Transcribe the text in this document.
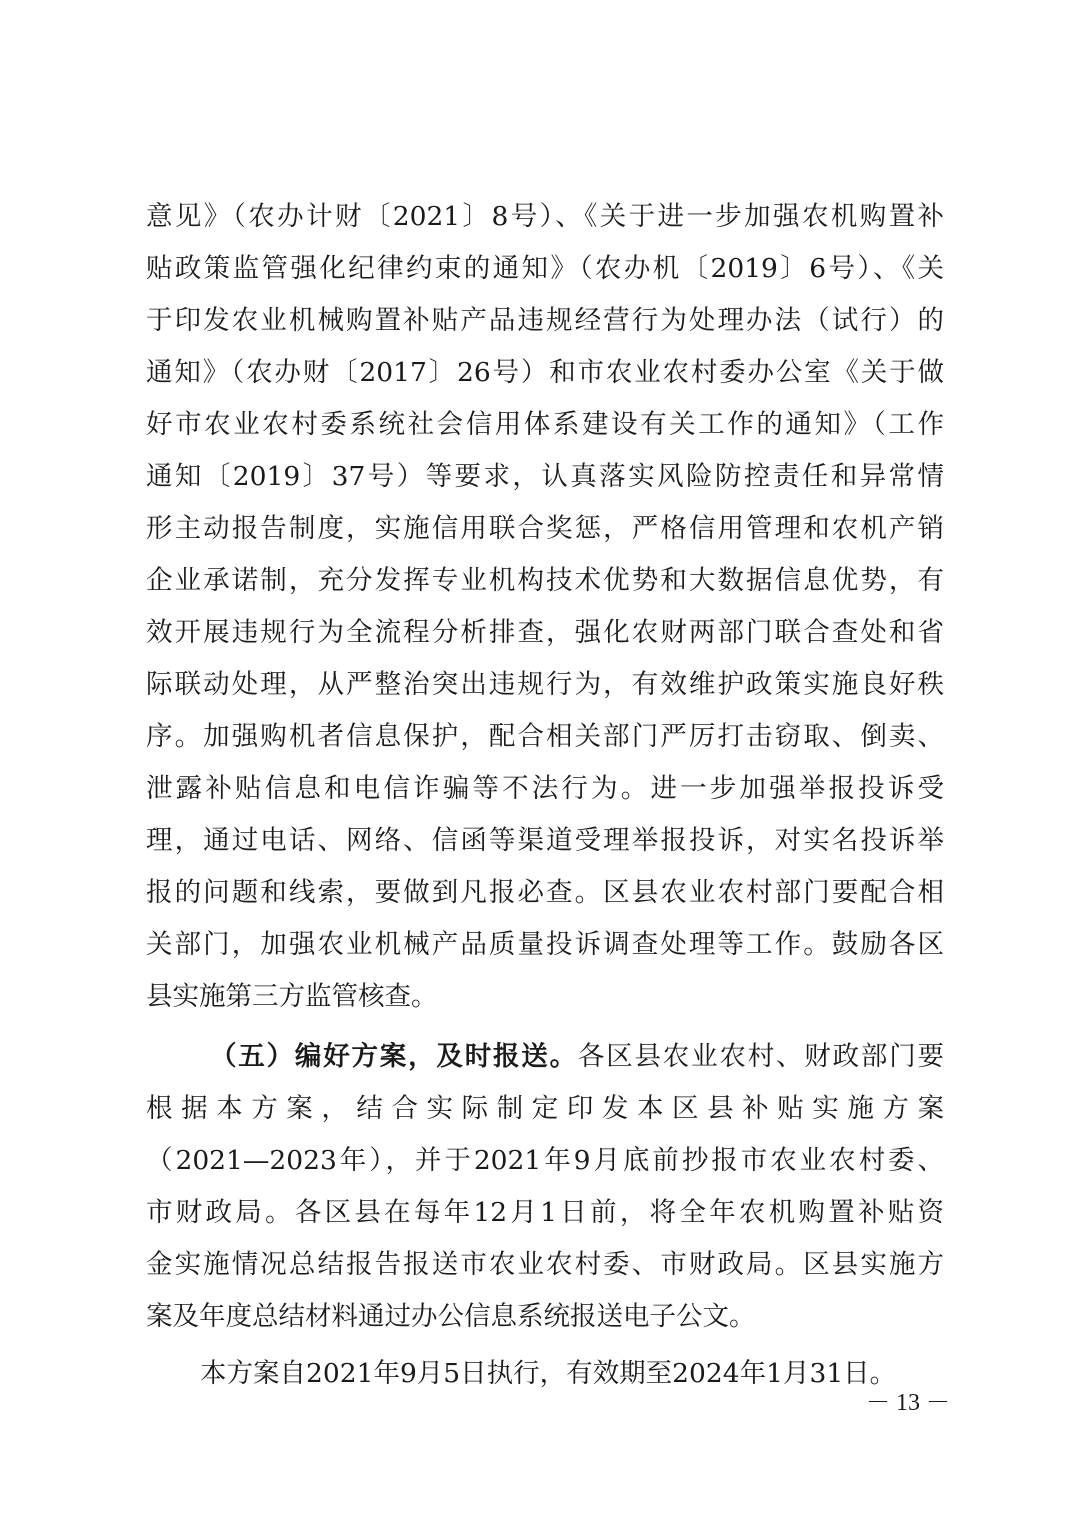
意见》（农办计财〔2021〕8号）、《关于进一步加强农机购置补
贴政策监管强化纪律约束的通知》（农办机〔2019〕6号）、《关
于印发农业机械购置补贴产品违规经营行为处理办法（试行）的
通知》（农办财〔2017〕26号）和市农业农村委办公室《关于做
好市农业农村委系统社会信用体系建设有关工作的通知》（工作
通知〔2019〕37号）等要求，认真落实风险防控责任和异常情
形主动报告制度，实施信用联合奖惩，严格信用管理和农机产销
企业承诺制，充分发挥专业机构技术优势和大数据信息优势，有
效开展违规行为全流程分析排查，强化农财两部门联合查处和省
际联动处理，从严整治突出违规行为，有效维护政策实施良好秩
序。加强购机者信息保护，配合相关部门严厉打击窃取、倒卖、
泄露补贴信息和电信诈骗等不法行为。进一步加强举报投诉受
理，通过电话、网络、信函等渠道受理举报投诉，对实名投诉举
报的问题和线索，要做到凡报必查。区县农业农村部门要配合相
关部门，加强农业机械产品质量投诉调查处理等工作。鼓励各区
县实施第三方监管核查。
（五）编好方案，及时报送。各区县农业农村、财政部门要
根据本方案，结合实际制定印发本区县补贴实施方案
（2021—2023年），并于2021年9月底前抄报市农业农村委、
市财政局。各区县在每年12月1日前，将全年农机购置补贴资
金实施情况总结报告报送市农业农村委、市财政局。区县实施方
案及年度总结材料通过办公信息系统报送电子公文。
本方案自2021年9月5日执行，有效期至2024年1月31日。
－ 13 －
